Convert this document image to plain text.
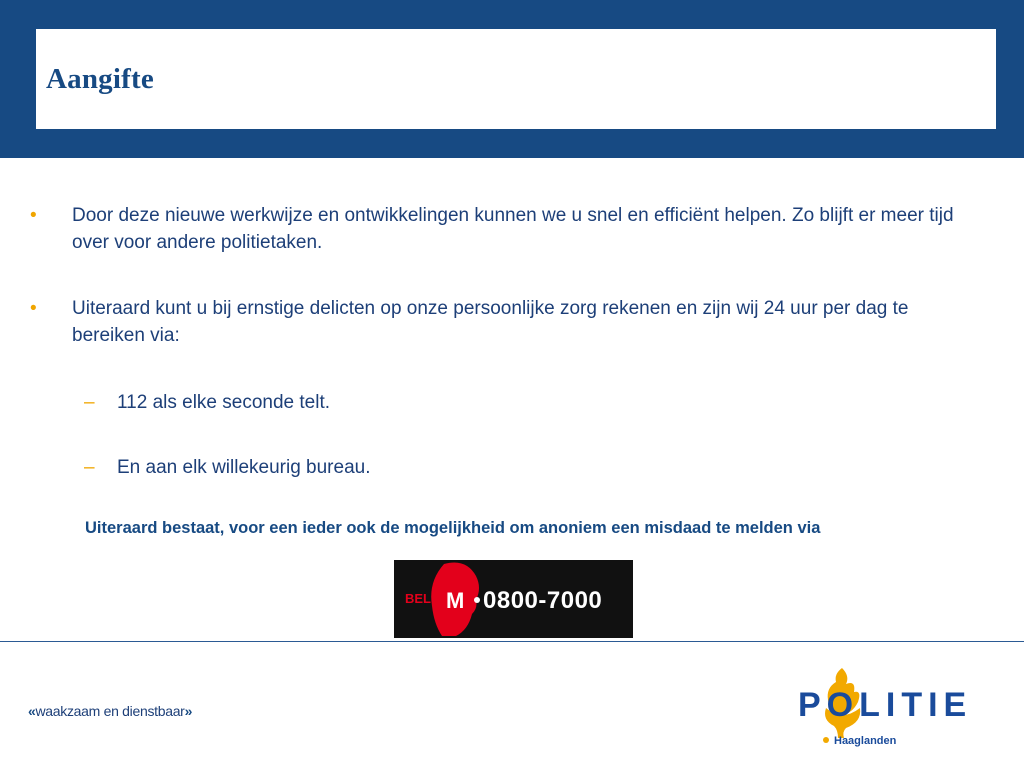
Aangifte
• Door deze nieuwe werkwijze en ontwikkelingen kunnen we u snel en efficiënt helpen. Zo blijft er meer tijd over voor andere politietaken.
• Uiteraard kunt u bij ernstige delicten op onze persoonlijke zorg rekenen en zijn wij 24 uur per dag te bereiken via:
– 112 als elke seconde telt.
– En aan elk willekeurig bureau.
Uiteraard bestaat, voor een ieder ook de mogelijkheid om anoniem een misdaad te melden via
BEL M 0800-7000
«waakzaam en dienstbaar»	POLITIE
Haaglanden
